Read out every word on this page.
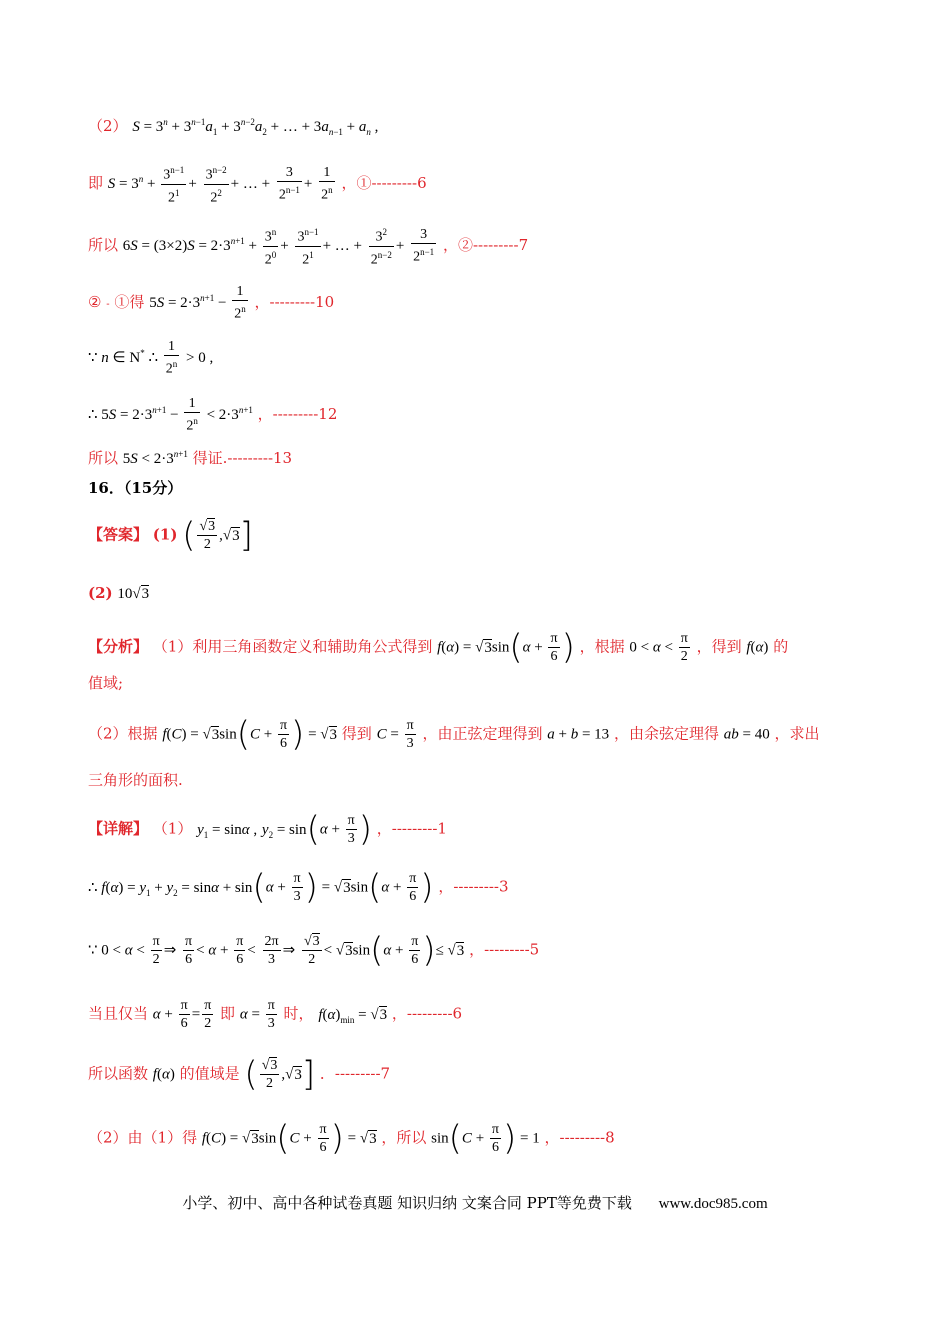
（2） $S = 3^n + 3^{n-1}a_1 + 3^{n-2}a_2$ + … + $3a_{n-1} + a_n$ ,
即 $S = 3^n + \frac{3^{n-1}}{2^1} + \frac{3^{n-2}}{2^2}$ + … + $\frac{3}{2^{n-1}} + \frac{1}{2^n}$ ，①---------6
所以 $6S = (3\times 2)S = 2\cdot 3^{n+1} + \frac{3^n}{2^0} + \frac{3^{n-1}}{2^1}$ + … + $\frac{3^2}{2^{n-2}} + \frac{3}{2^{n-1}}$ ，②---------7
② - ①得 $5S = 2\cdot 3^{n+1} - \frac{1}{2^n}$ ，---------10
∵ n ∈ N* ∴ $\frac{1}{2^n} > 0$ ,
∴ $5S = 2\cdot 3^{n+1} - \frac{1}{2^n} < 2\cdot 3^{n+1}$ ，---------12
所以 $5S < 2\cdot 3^{n+1}$ 得证.---------13
16．（15分）
【答案】 (1) ( $\frac{√3}{2} ,√3$]
(2) 10√3
【分析】 （1）利用三角函数定义和辅助角公式得到 $f(\alpha) = √3\sin(\alpha + \frac{\pi}{6}$ ) ，根据 $0 < \alpha < \frac{\pi}{2}$ ，得到 f(α) 的
值域;
（2）根据 $f(C) = √3\sin(C + \frac{\pi}{6}$ ) = √3 得到 $C = \frac{\pi}{3}$ ，由正弦定理得到 a + b = 13 ，由余弦定理得 ab = 40 ，求出
三角形的面积.
【详解】 （1） $y_1 = \sin\alpha$ , $y_2 = \sin(\alpha + \frac{\pi}{3}$ ) ，---------1
∴ $f(\alpha) = y_1 + y_2 = \sin\alpha + \sin(\alpha + \frac{\pi}{3}$ ) = $√3\sin(\alpha + \frac{\pi}{6}$ ) ，---------3
∵ $0 < \alpha < \frac{\pi}{2}$ ⇒ $\frac{\pi}{6} < \alpha + \frac{\pi}{6} < \frac{2\pi}{3}$ ⇒ $\frac{√3}{2} < √3\sin(\alpha + \frac{\pi}{6}$ )≤ √3 ，---------5
当且仅当 $\alpha + \frac{\pi}{6} = \frac{\pi}{2}$ 即 $\alpha = \frac{\pi}{3}$ 时， $f(\alpha)_{min} = √3$ ，---------6
所以函数 f(α) 的值域是 ( $\frac{√3}{2} ,√3$] ．---------7
（2）由（1）得 $f(C) = √3\sin(C + \frac{\pi}{6}$ ) = √3 ，所以 $\sin(C + \frac{\pi}{6}$ ) = 1 ，---------8
小学、初中、高中各种试卷真题 知识归纳 文案合同 PPT等免费下载 www.doc985.com
